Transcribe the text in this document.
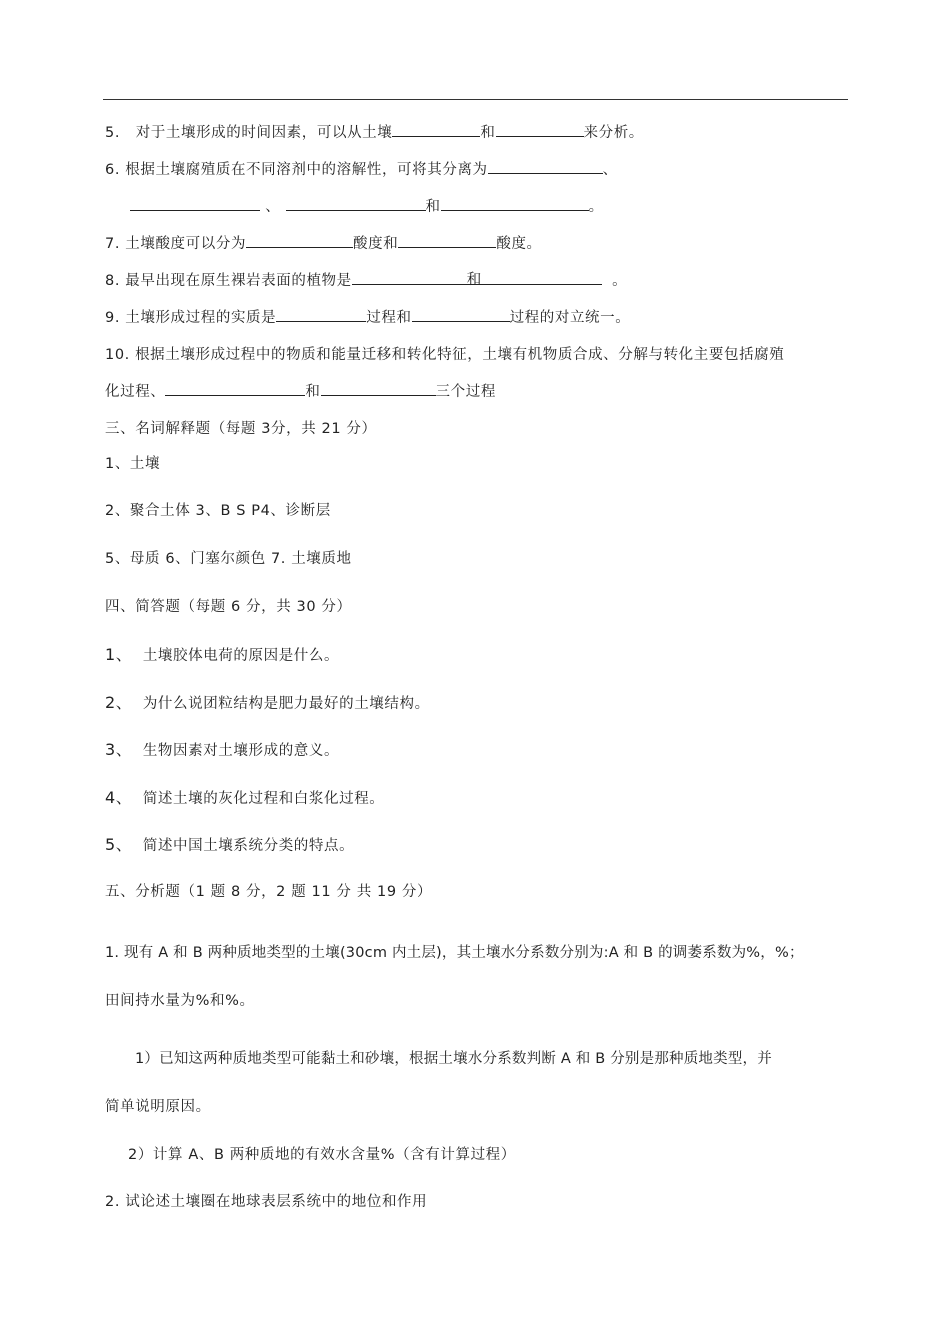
5. 对于土壤形成的时间因素，可以从土壤	和	来分析。
6. 根据土壤腐殖质在不同溶剂中的溶解性，可将其分离为	、
、	和	。
7. 土壤酸度可以分为	酸度和	酸度。
8. 最早出现在原生裸岩表面的植物是	和	。
9. 土壤形成过程的实质是	过程和	过程的对立统一。
10. 根据土壤形成过程中的物质和能量迁移和转化特征，土壤有机物质合成、分解与转化主要包括腐殖
化过程、	和	三个过程
三、名词解释题（每题 3分，共 21 分）
1、土壤
2、聚合土体 3、B S P4、诊断层
5、母质 6、门塞尔颜色 7. 土壤质地
四、简答题（每题 6 分，共 30 分）
1、 土壤胶体电荷的原因是什么。
2、 为什么说团粒结构是肥力最好的土壤结构。
3、 生物因素对土壤形成的意义。
4、 简述土壤的灰化过程和白浆化过程。
5、 简述中国土壤系统分类的特点。
五、分析题（1 题 8 分，2 题 11 分 共 19 分）
1. 现有 A 和 B 两种质地类型的土壤(30cm 内土层)，其土壤水分系数分别为:A 和 B 的调萎系数为%，%；
田间持水量为%和%。
1）已知这两种质地类型可能黏土和砂壤，根据土壤水分系数判断 A 和 B 分别是那种质地类型，并
简单说明原因。
2）计算 A、B 两种质地的有效水含量%（含有计算过程）
2. 试论述土壤圈在地球表层系统中的地位和作用
